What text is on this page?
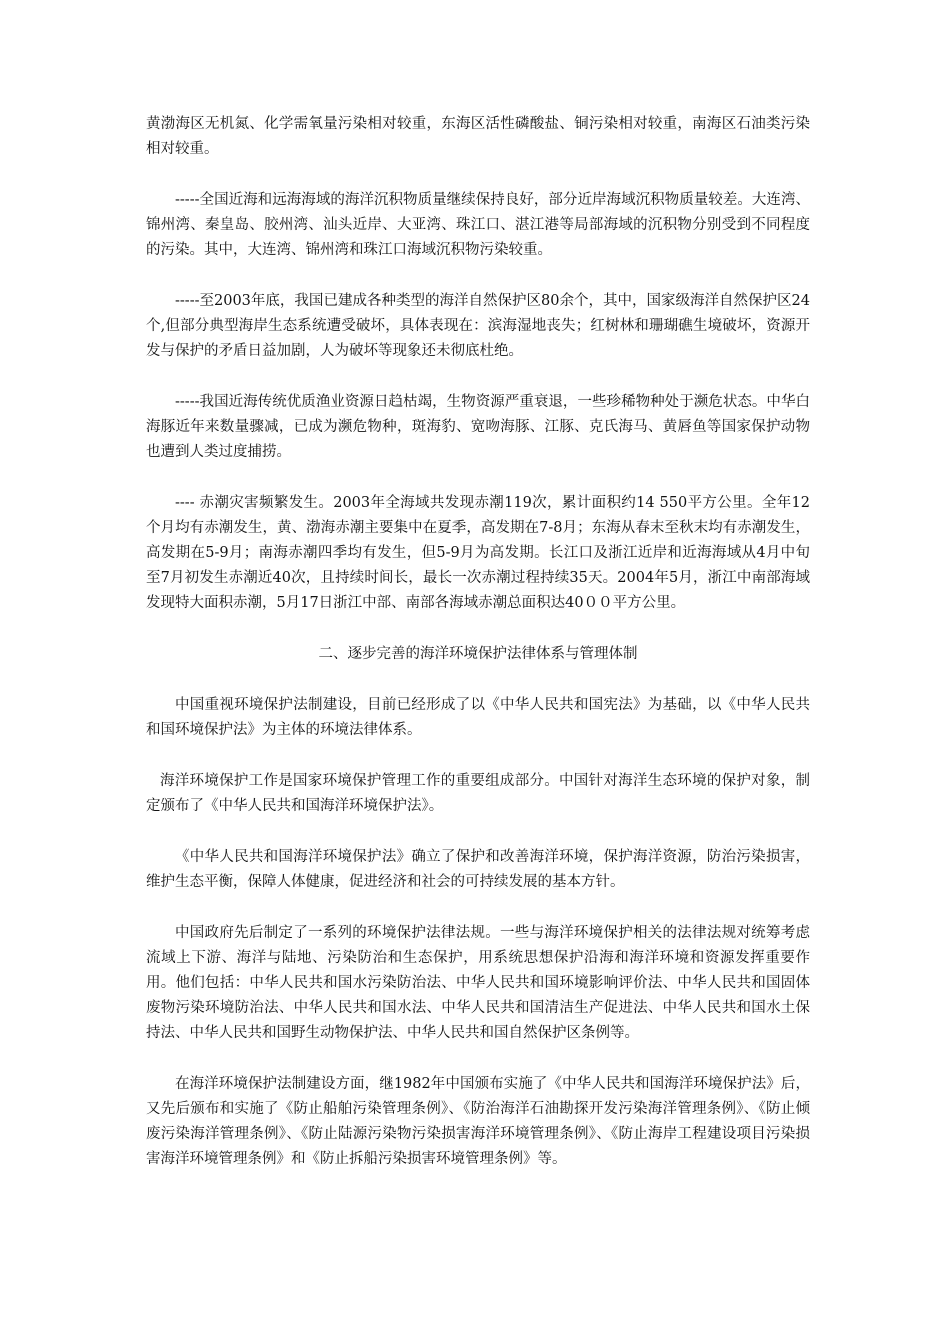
黄渤海区无机氮、化学需氧量污染相对较重，东海区活性磷酸盐、铜污染相对较重，南海区石油类污染相对较重。

-----全国近海和远海海域的海洋沉积物质量继续保持良好，部分近岸海域沉积物质量较差。大连湾、锦州湾、秦皇岛、胶州湾、汕头近岸、大亚湾、珠江口、湛江港等局部海域的沉积物分别受到不同程度的污染。其中，大连湾、锦州湾和珠江口海域沉积物污染较重。

-----至2003年底，我国已建成各种类型的海洋自然保护区80余个，其中，国家级海洋自然保护区24个,但部分典型海岸生态系统遭受破坏，具体表现在：滨海湿地丧失；红树林和珊瑚礁生境破坏，资源开发与保护的矛盾日益加剧，人为破坏等现象还未彻底杜绝。

-----我国近海传统优质渔业资源日趋枯竭，生物资源严重衰退，一些珍稀物种处于濒危状态。中华白海豚近年来数量骤减，已成为濒危物种，斑海豹、宽吻海豚、江豚、克氏海马、黄唇鱼等国家保护动物也遭到人类过度捕捞。

---- 赤潮灾害频繁发生。2003年全海域共发现赤潮119次，累计面积约14 550平方公里。全年12个月均有赤潮发生，黄、渤海赤潮主要集中在夏季，高发期在7-8月；东海从春末至秋末均有赤潮发生，高发期在5-9月；南海赤潮四季均有发生，但5-9月为高发期。长江口及浙江近岸和近海海域从4月中旬至7月初发生赤潮近40次，且持续时间长，最长一次赤潮过程持续35天。2004年5月，浙江中南部海域发现特大面积赤潮，5月17日浙江中部、南部各海域赤潮总面积达40００平方公里。

二、逐步完善的海洋环境保护法律体系与管理体制

中国重视环境保护法制建设，目前已经形成了以《中华人民共和国宪法》为基础，以《中华人民共和国环境保护法》为主体的环境法律体系。

海洋环境保护工作是国家环境保护管理工作的重要组成部分。中国针对海洋生态环境的保护对象，制定颁布了《中华人民共和国海洋环境保护法》。

《中华人民共和国海洋环境保护法》确立了保护和改善海洋环境，保护海洋资源，防治污染损害，维护生态平衡，保障人体健康，促进经济和社会的可持续发展的基本方针。

中国政府先后制定了一系列的环境保护法律法规。一些与海洋环境保护相关的法律法规对统筹考虑流域上下游、海洋与陆地、污染防治和生态保护，用系统思想保护沿海和海洋环境和资源发挥重要作用。他们包括：中华人民共和国水污染防治法、中华人民共和国环境影响评价法、中华人民共和国固体废物污染环境防治法、中华人民共和国水法、中华人民共和国清洁生产促进法、中华人民共和国水土保持法、中华人民共和国野生动物保护法、中华人民共和国自然保护区条例等。

在海洋环境保护法制建设方面，继1982年中国颁布实施了《中华人民共和国海洋环境保护法》后，又先后颁布和实施了《防止船舶污染管理条例》、《防治海洋石油勘探开发污染海洋管理条例》、《防止倾废污染海洋管理条例》、《防止陆源污染物污染损害海洋环境管理条例》、《防止海岸工程建设项目污染损害海洋环境管理条例》和《防止拆船污染损害环境管理条例》等。
